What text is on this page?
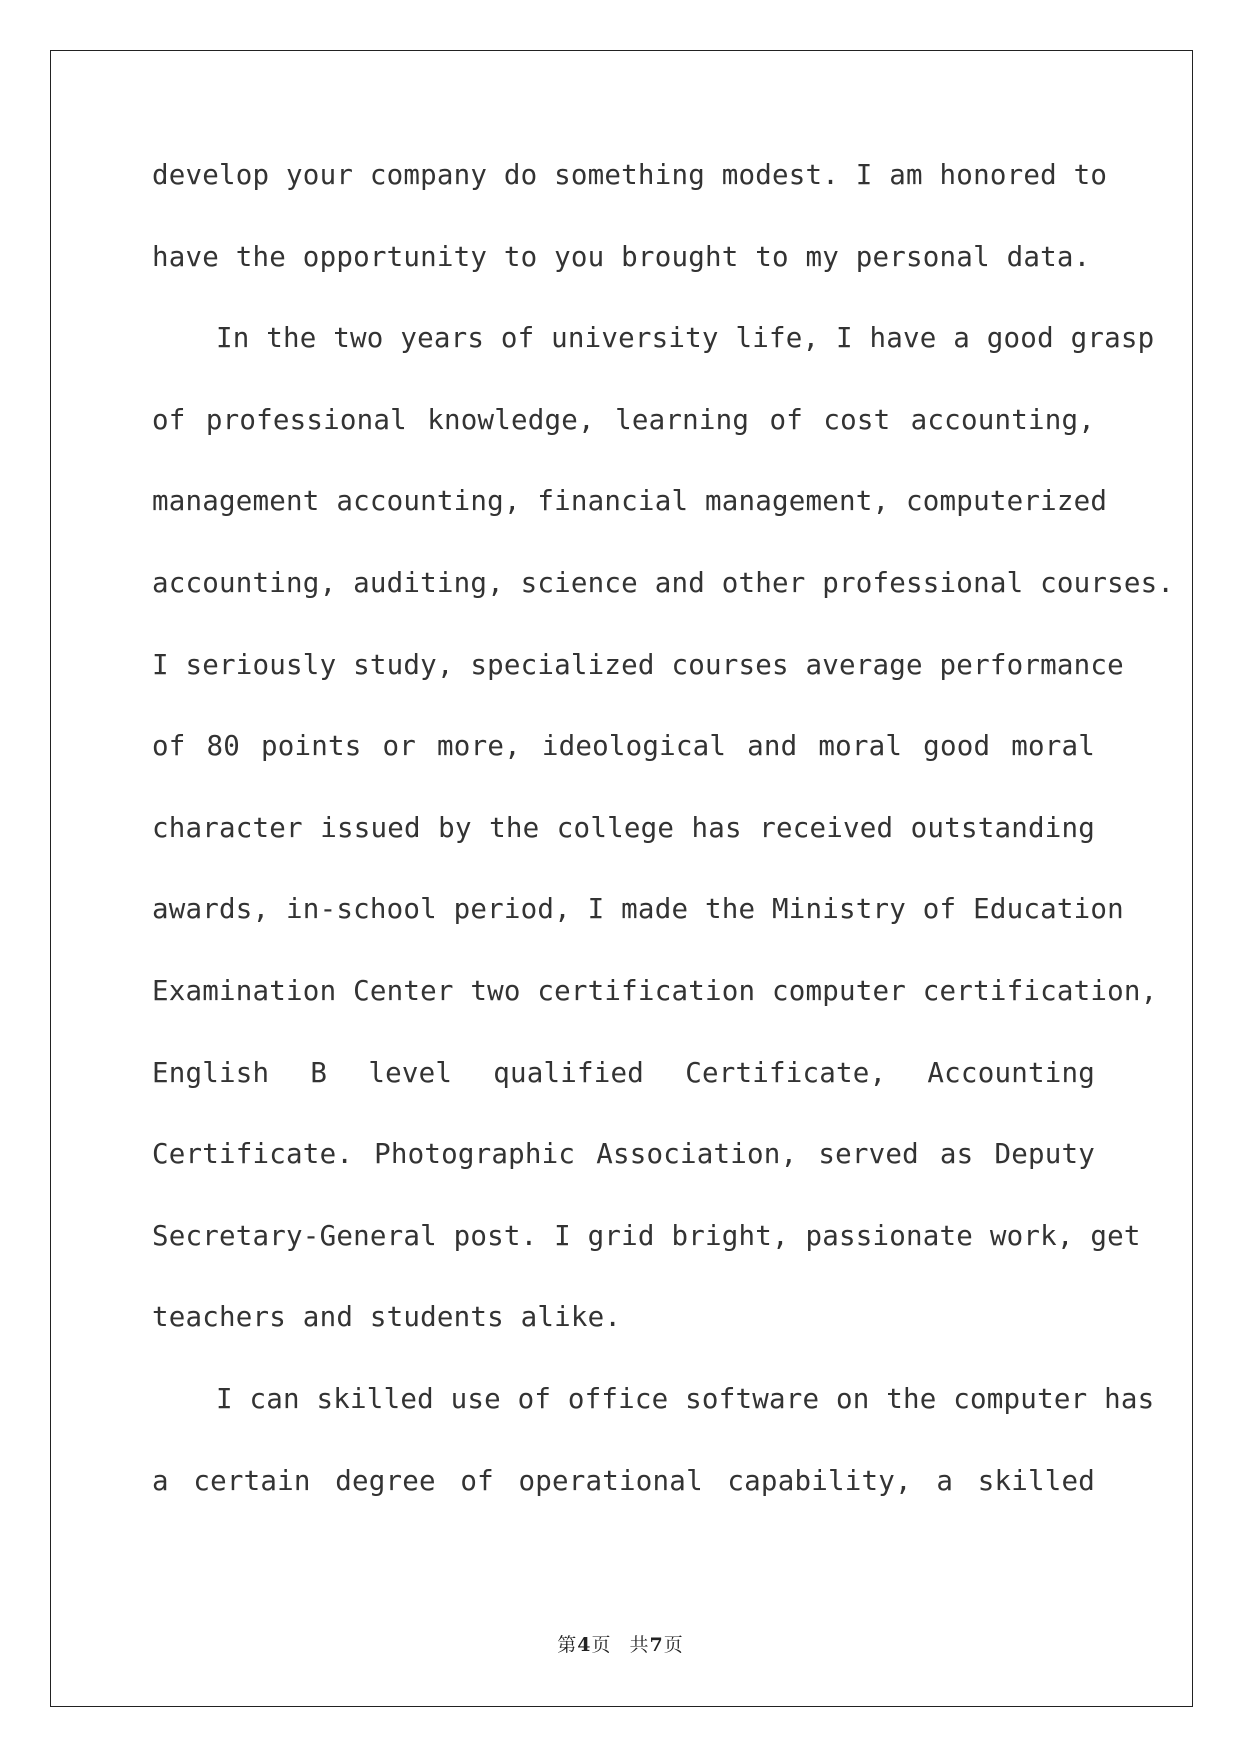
develop your company do something modest. I am honored to
have the opportunity to you brought to my personal data.
In the two years of university life, I have a good grasp
of professional knowledge, learning of cost accounting,
management accounting, financial management, computerized
accounting, auditing, science and other professional courses.
I seriously study, specialized courses average performance
of 80 points or more, ideological and moral good moral
character issued by the college has received outstanding
awards, in-school period, I made the Ministry of Education
Examination Center two certification computer certification,
English B level qualified Certificate, Accounting
Certificate. Photographic Association, served as Deputy
Secretary-General post. I grid bright, passionate work, get
teachers and students alike.
I can skilled use of office software on the computer has
a certain degree of operational capability, a skilled
第4页 共7页
